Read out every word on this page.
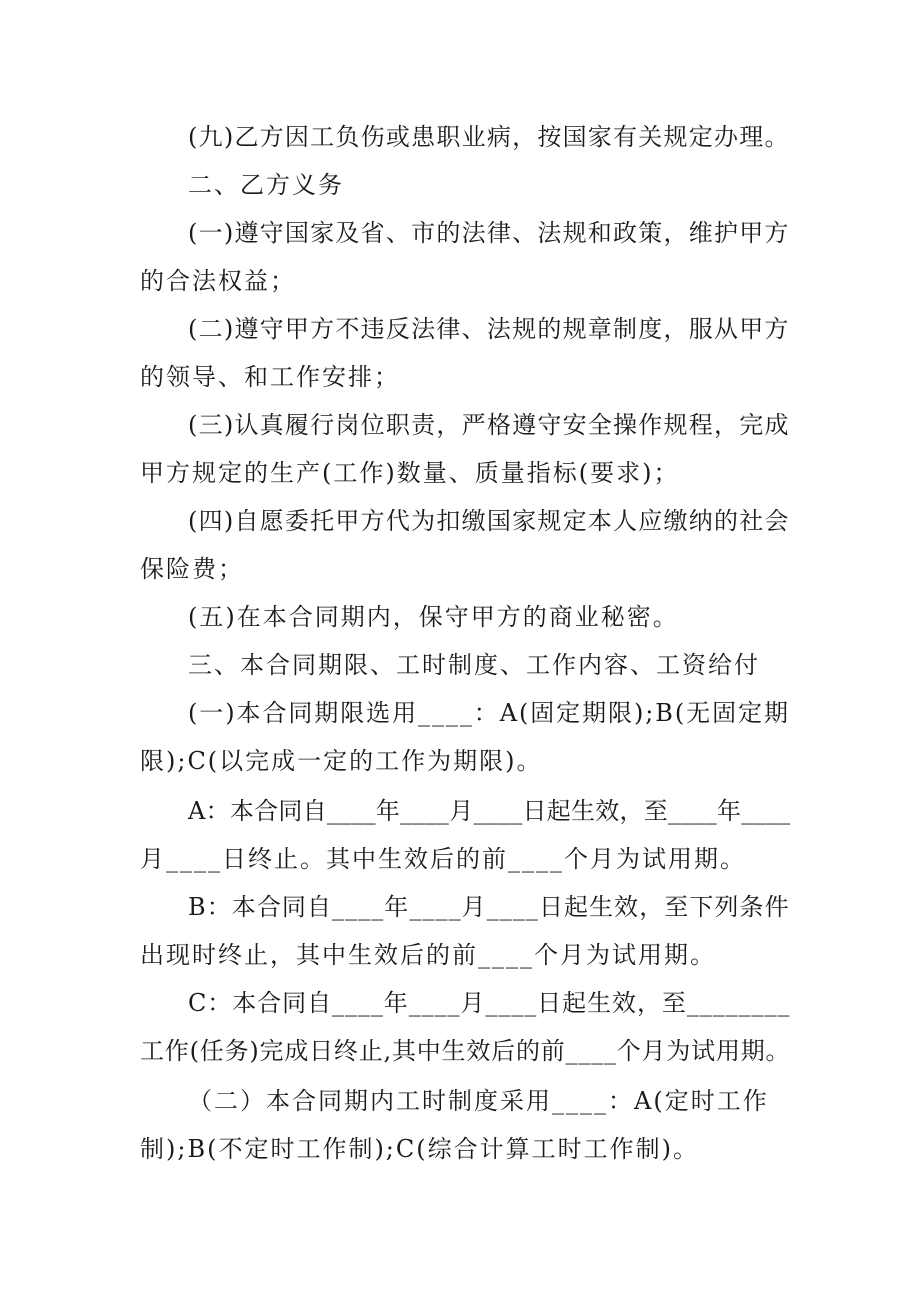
(九)乙方因工负伤或患职业病，按国家有关规定办理。
二、乙方义务
(一)遵守国家及省、市的法律、法规和政策，维护甲方
的合法权益；
(二)遵守甲方不违反法律、法规的规章制度，服从甲方
的领导、和工作安排；
(三)认真履行岗位职责，严格遵守安全操作规程，完成
甲方规定的生产(工作)数量、质量指标(要求)；
(四)自愿委托甲方代为扣缴国家规定本人应缴纳的社会
保险费；
(五)在本合同期内，保守甲方的商业秘密。
三、本合同期限、工时制度、工作内容、工资给付
(一)本合同期限选用____：A(固定期限);B(无固定期
限);C(以完成一定的工作为期限)。
A：本合同自____年____月____日起生效，至____年____
月____日终止。其中生效后的前____个月为试用期。
B：本合同自____年____月____日起生效，至下列条件
出现时终止，其中生效后的前____个月为试用期。
C：本合同自____年____月____日起生效，至________
工作(任务)完成日终止,其中生效后的前____个月为试用期。
（二）本合同期内工时制度采用____：A(定时工作
制);B(不定时工作制);C(综合计算工时工作制)。
